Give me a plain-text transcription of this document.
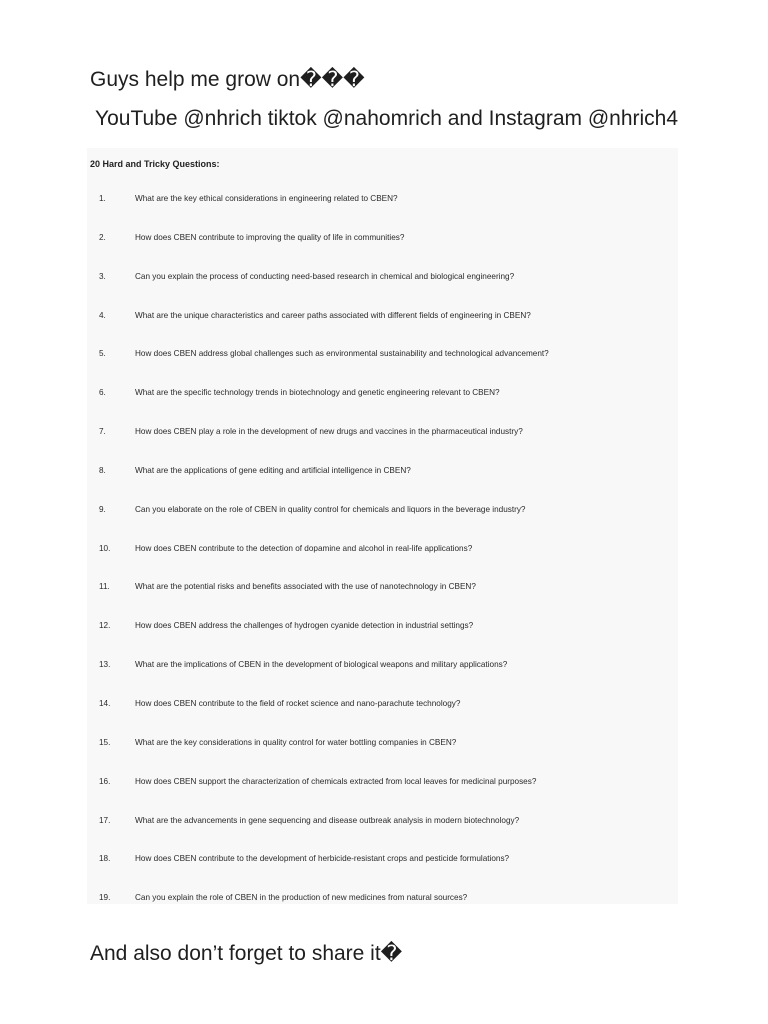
Guys help me grow on���
YouTube @nhrich tiktok @nahomrich and Instagram @nhrich4
20 Hard and Tricky Questions:
1.	What are the key ethical considerations in engineering related to CBEN?
2.	How does CBEN contribute to improving the quality of life in communities?
3.	Can you explain the process of conducting need-based research in chemical and biological engineering?
4.	What are the unique characteristics and career paths associated with different fields of engineering in CBEN?
5.	How does CBEN address global challenges such as environmental sustainability and technological advancement?
6.	What are the specific technology trends in biotechnology and genetic engineering relevant to CBEN?
7.	How does CBEN play a role in the development of new drugs and vaccines in the pharmaceutical industry?
8.	What are the applications of gene editing and artificial intelligence in CBEN?
9.	Can you elaborate on the role of CBEN in quality control for chemicals and liquors in the beverage industry?
10.	How does CBEN contribute to the detection of dopamine and alcohol in real-life applications?
11.	What are the potential risks and benefits associated with the use of nanotechnology in CBEN?
12.	How does CBEN address the challenges of hydrogen cyanide detection in industrial settings?
13.	What are the implications of CBEN in the development of biological weapons and military applications?
14.	How does CBEN contribute to the field of rocket science and nano-parachute technology?
15.	What are the key considerations in quality control for water bottling companies in CBEN?
16.	How does CBEN support the characterization of chemicals extracted from local leaves for medicinal purposes?
17.	What are the advancements in gene sequencing and disease outbreak analysis in modern biotechnology?
18.	How does CBEN contribute to the development of herbicide-resistant crops and pesticide formulations?
19.	Can you explain the role of CBEN in the production of new medicines from natural sources?
And also don’t forget to share it�
